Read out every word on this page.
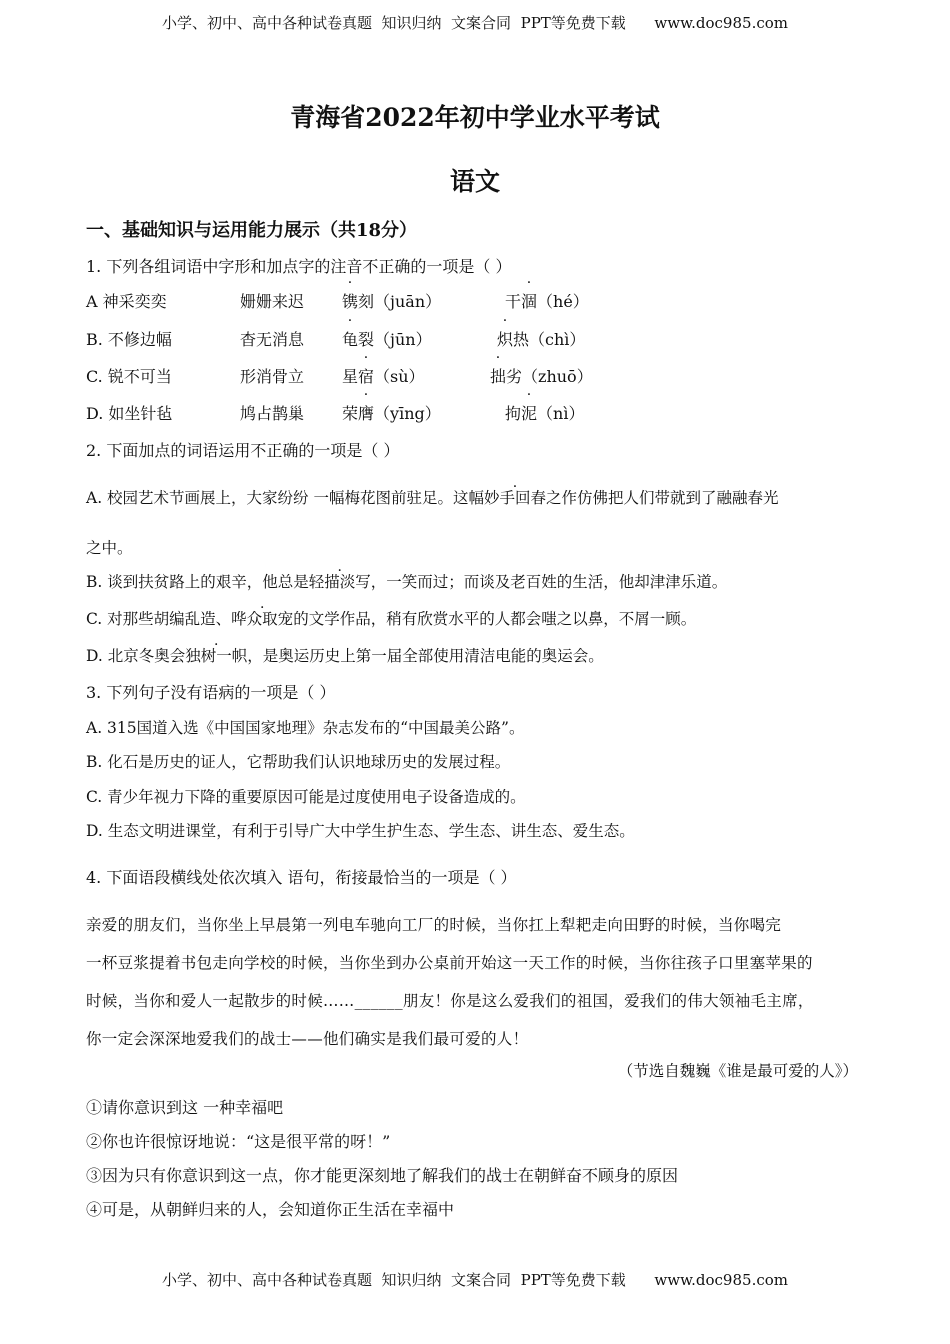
小学、初中、高中各种试卷真题  知识归纳  文案合同  PPT等免费下载      www.doc985.com
青海省2022年初中学业水平考试
语文
一、基础知识与运用能力展示（共18分）
1. 下列各组词语中字形和加点字的注音不正确的一项是（ ）
A 神采奕奕	姗姗来迟 镌刻（juān）	干涸（hé）
B. 不修边幅	杳无消息 龟裂（jūn）	炽热（chì）
C. 锐不可当	形消骨立 星宿（sù）	拙劣（zhuō）
D. 如坐针毡	鸠占鹊巢 荣膺（yīng）	拘泥（nì）
2. 下面加点的词语运用不正确的一项是（ ）
A. 校园艺术节画展上，大家纷纷 一幅梅花图前驻足。这幅妙手回春之作仿佛把人们带就到了融融春光
之中。
B. 谈到扶贫路上的艰辛，他总是轻描淡写，一笑而过；而谈及老百姓的生活，他却津津乐道。
C. 对那些胡编乱造、哗众取宠的文学作品，稍有欣赏水平的人都会嗤之以鼻，不屑一顾。
D. 北京冬奥会独树一帜，是奥运历史上第一届全部使用清洁电能的奥运会。
3. 下列句子没有语病的一项是（ ）
A. 315国道入选《中国国家地理》杂志发布的“中国最美公路”。
B. 化石是历史的证人，它帮助我们认识地球历史的发展过程。
C. 青少年视力下降的重要原因可能是过度使用电子设备造成的。
D. 生态文明进课堂，有利于引导广大中学生护生态、学生态、讲生态、爱生态。
4. 下面语段横线处依次填入 语句，衔接最恰当的一项是（ ）
亲爱的朋友们，当你坐上早晨第一列电车驰向工厂的时候，当你扛上犁耙走向田野的时候，当你喝完
一杯豆浆提着书包走向学校的时候，当你坐到办公桌前开始这一天工作的时候，当你往孩子口里塞苹果的
时候，当你和爱人一起散步的时候……______朋友！你是这么爱我们的祖国，爱我们的伟大领袖毛主席，
你一定会深深地爱我们的战士——他们确实是我们最可爱的人！
（节选自魏巍《谁是最可爱的人》）
①请你意识到这 一种幸福吧
②你也许很惊讶地说：“这是很平常的呀！”
③因为只有你意识到这一点，你才能更深刻地了解我们的战士在朝鲜奋不顾身的原因
④可是，从朝鲜归来的人，会知道你正生活在幸福中
小学、初中、高中各种试卷真题  知识归纳  文案合同  PPT等免费下载      www.doc985.com
